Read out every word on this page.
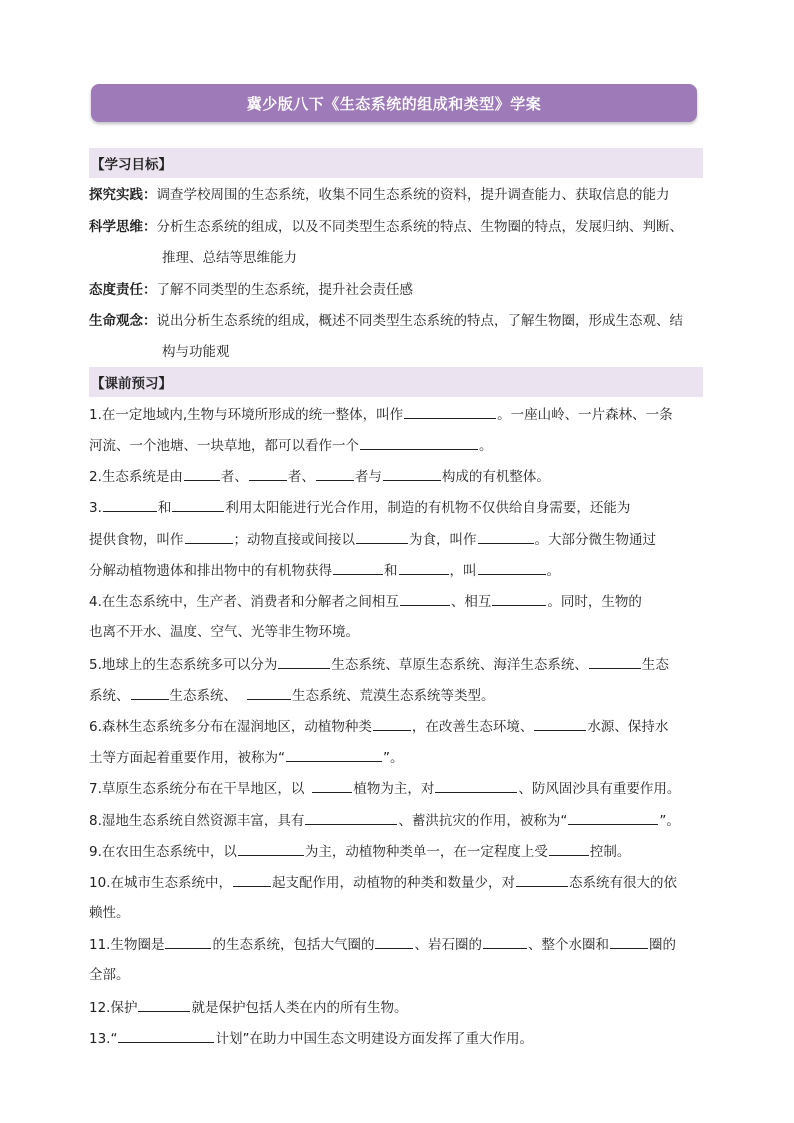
冀少版八下《生态系统的组成和类型》学案
【学习目标】
探究实践：调查学校周围的生态系统，收集不同生态系统的资料，提升调查能力、获取信息的能力
科学思维：分析生态系统的组成，以及不同类型生态系统的特点、生物圈的特点，发展归纳、判断、
推理、总结等思维能力
态度责任：了解不同类型的生态系统，提升社会责任感
生命观念：说出分析生态系统的组成，概述不同类型生态系统的特点，了解生物圈，形成生态观、结
构与功能观
【课前预习】
1.在一定地域内,生物与环境所形成的统一整体，叫作	。一座山岭、一片森林、一条
河流、一个池塘、一块草地，都可以看作一个	。
2.生态系统是由	者、	者、	者与	构成的有机整体。
3.	和	利用太阳能进行光合作用，制造的有机物不仅供给自身需要，还能为
提供食物，叫作	；动物直接或间接以	为食，叫作	。大部分微生物通过
分解动植物遗体和排出物中的有机物获得	和	，叫	。
4.在生态系统中，生产者、消费者和分解者之间相互	、相互	。同时，生物的
也离不开水、温度、空气、光等非生物环境。
5.地球上的生态系统多可以分为	生态系统、草原生态系统、海洋生态系统、	生态
系统、	生态系统、	生态系统、荒漠生态系统等类型。
6.森林生态系统多分布在湿润地区，动植物种类	，在改善生态环境、	水源、保持水
土等方面起着重要作用，被称为“	”。
7.草原生态系统分布在干旱地区，以	植物为主，对	、防风固沙具有重要作用。
8.湿地生态系统自然资源丰富，具有	、蓄洪抗灾的作用，被称为“	”。
9.在农田生态系统中，以	为主，动植物种类单一，在一定程度上受	控制。
10.在城市生态系统中，	起支配作用，动植物的种类和数量少，对	态系统有很大的依
赖性。
11.生物圈是	的生态系统，包括大气圈的	、岩石圈的	、整个水圈和	圈的
全部。
12.保护	就是保护包括人类在内的所有生物。
13.“	计划”在助力中国生态文明建设方面发挥了重大作用。
